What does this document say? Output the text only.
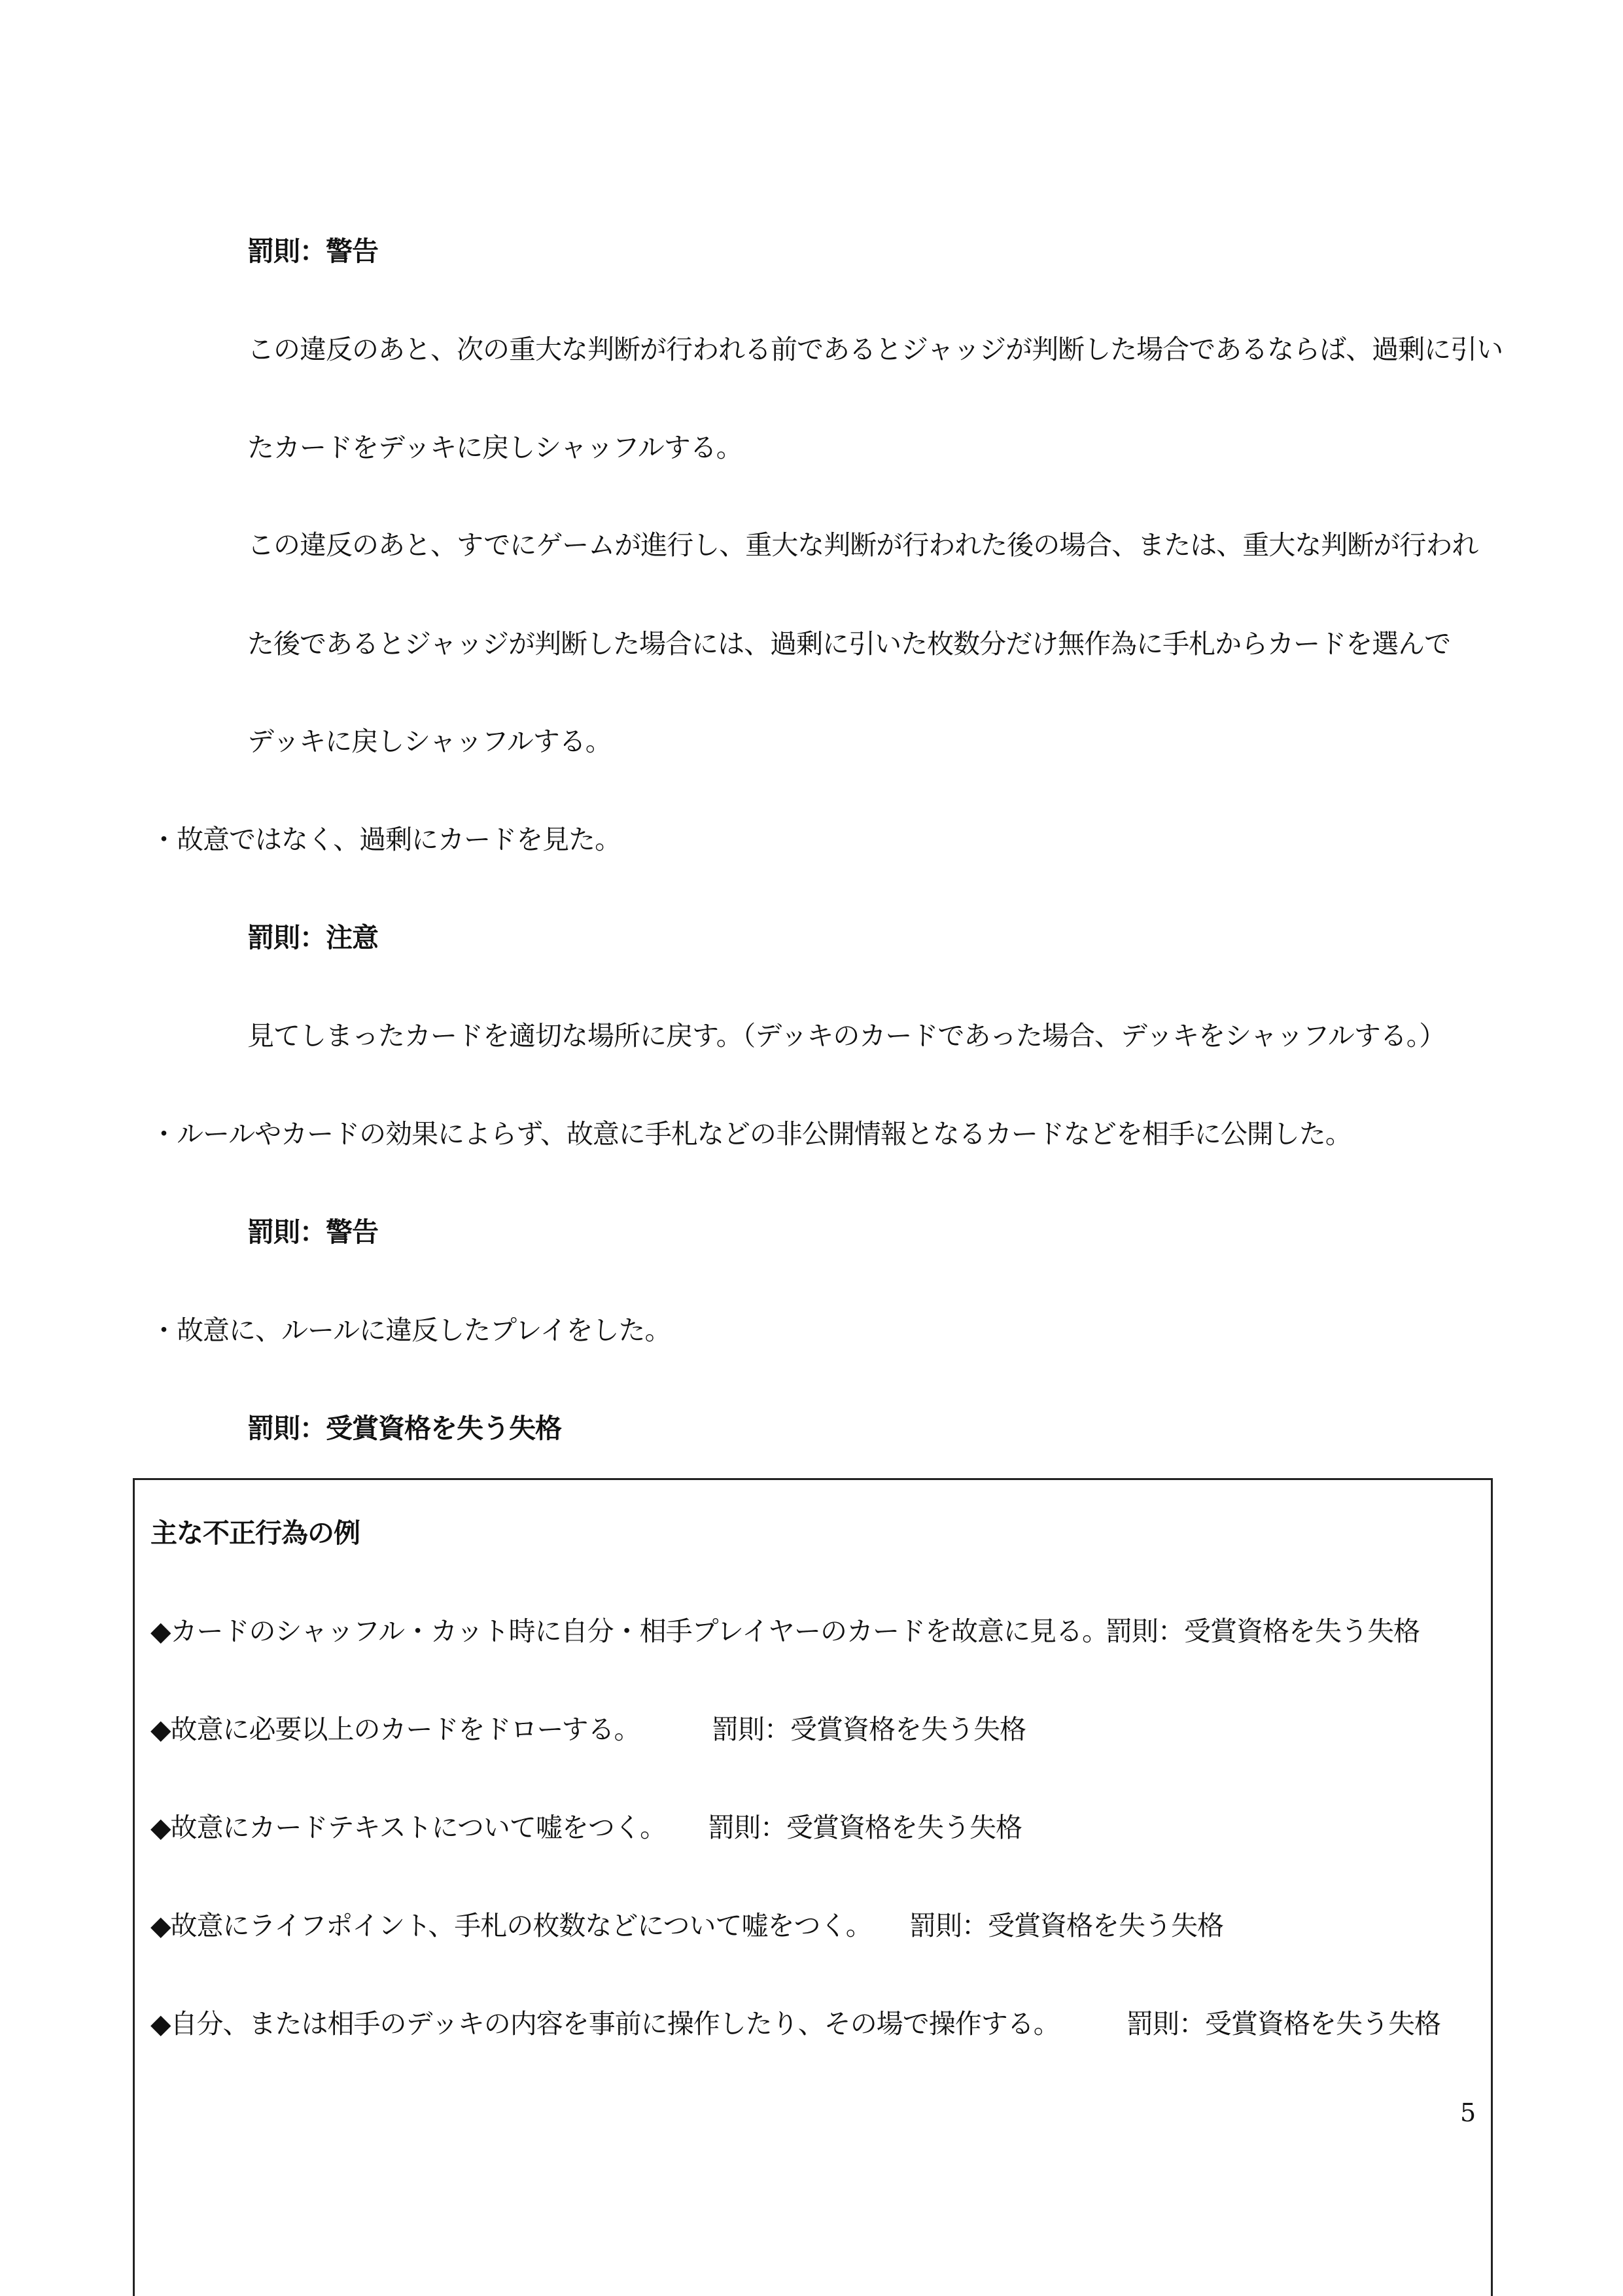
罰則：警告
この違反のあと、次の重大な判断が行われる前であるとジャッジが判断した場合であるならば、過剰に引い
たカードをデッキに戻しシャッフルする。
この違反のあと、すでにゲームが進行し、重大な判断が行われた後の場合、または、重大な判断が行われ
た後であるとジャッジが判断した場合には、過剰に引いた枚数分だけ無作為に手札からカードを選んで
デッキに戻しシャッフルする。
・故意ではなく、過剰にカードを見た。
罰則：注意
見てしまったカードを適切な場所に戻す。（デッキのカードであった場合、デッキをシャッフルする。）
・ルールやカードの効果によらず、故意に手札などの非公開情報となるカードなどを相手に公開した。
罰則：警告
・故意に、ルールに違反したプレイをした。
罰則：受賞資格を失う失格
主な不正行為の例
◆カードのシャッフル・カット時に自分・相手プレイヤーのカードを故意に見る。
罰則：受賞資格を失う失格
◆故意に必要以上のカードをドローする。	罰則：受賞資格を失う失格
◆故意にカードテキストについて嘘をつく。 罰則：受賞資格を失う失格
◆故意にライフポイント、手札の枚数などについて嘘をつく。 罰則：受賞資格を失う失格
◆自分、または相手のデッキの内容を事前に操作したり、その場で操作する。 罰則：受賞資格を失う失格
5
